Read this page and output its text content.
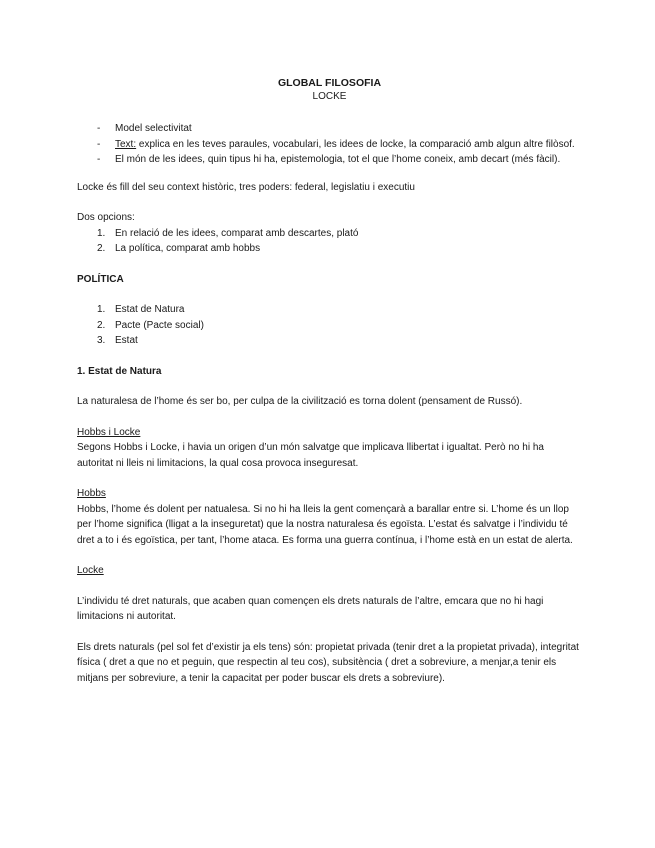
GLOBAL FILOSOFIA

LOCKE

- Model selectivitat
- Text: explica en les teves paraules, vocabulari, les idees de locke, la comparació amb algun altre filòsof.
- El món de les idees, quin tipus hi ha, epistemologia, tot el que l’home coneix, amb decart (més fàcil).

Locke és fill del seu context històric, tres poders: federal, legislatiu i executiu

Dos opcions:

1. En relació de les idees, comparat amb descartes, plató
2. La política, comparat amb hobbs

POLÍTICA

1. Estat de Natura
2. Pacte (Pacte social)
3. Estat

1. Estat de Natura

La naturalesa de l’home és ser bo, per culpa de la civilització es torna dolent (pensament de Russó).

Hobbs i Locke

Segons Hobbs i Locke, i havia un origen d’un món salvatge que implicava llibertat i igualtat. Però no hi ha autoritat ni lleis ni limitacions, la qual cosa provoca inseguresat.

Hobbs

Hobbs, l’home és dolent per natualesa. Si no hi ha lleis la gent començarà a barallar entre si. L’home és un llop per l’home significa (lligat a la inseguretat) que la nostra naturalesa és egoïsta. L’estat és salvatge i l’individu té dret a to i és egoïstica, per tant, l’home ataca. Es forma una guerra contínua, i l’home està en un estat de alerta.

Locke

L’individu té dret naturals, que acaben quan començen els drets naturals de l’altre, emcara que no hi hagi limitacions ni autoritat.

Els drets naturals (pel sol fet d’existir ja els tens) són: propietat privada (tenir dret a la propietat privada), integritat física ( dret a que no et peguin, que respectin al teu cos), subsitència ( dret a sobreviure, a menjar,a tenir els mitjans per sobreviure, a tenir la capacitat per poder buscar els drets a sobreviure).
